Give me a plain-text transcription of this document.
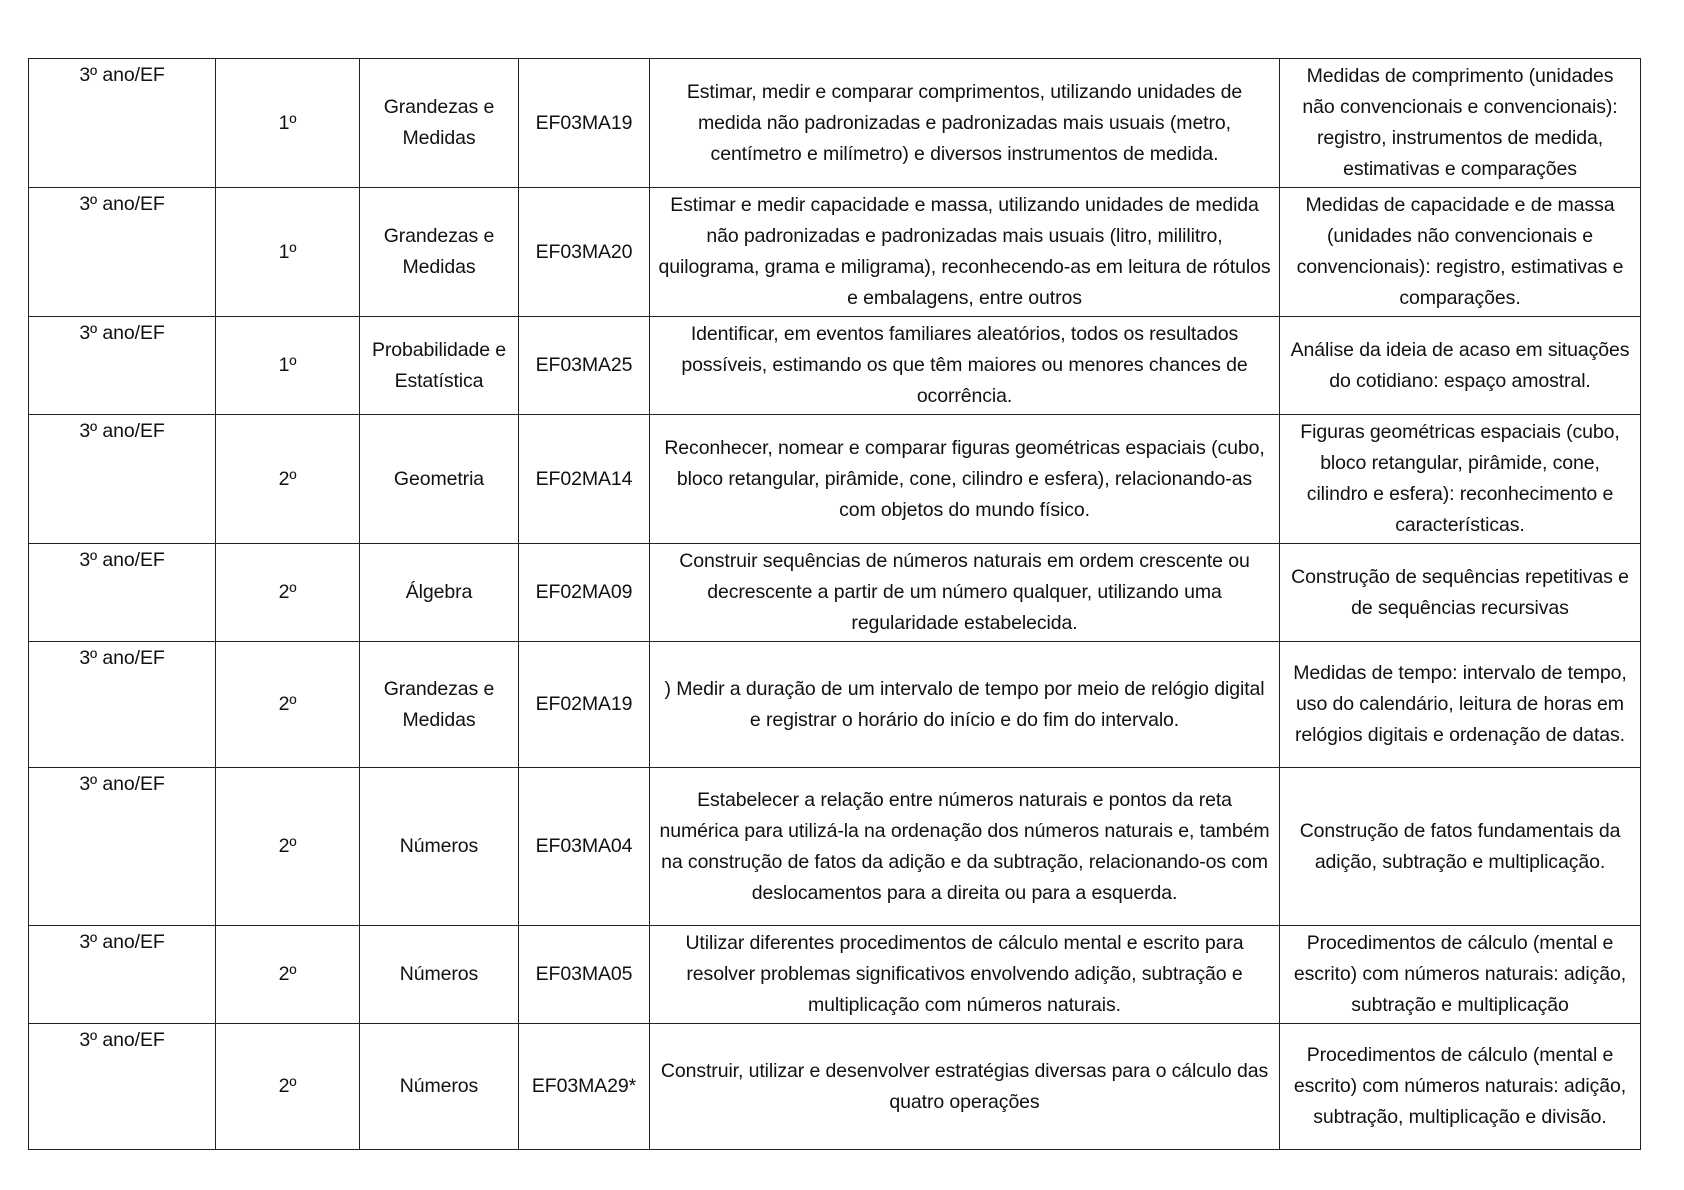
3º ano/EF	1º	Grandezas e Medidas	EF03MA19	Estimar, medir e comparar comprimentos, utilizando unidades de medida não padronizadas e padronizadas mais usuais (metro, centímetro e milímetro) e diversos instrumentos de medida.	Medidas de comprimento (unidades não convencionais e convencionais): registro, instrumentos de medida, estimativas e comparações
3º ano/EF	1º	Grandezas e Medidas	EF03MA20	Estimar e medir capacidade e massa, utilizando unidades de medida não padronizadas e padronizadas mais usuais (litro, mililitro, quilograma, grama e miligrama), reconhecendo-as em leitura de rótulos e embalagens, entre outros	Medidas de capacidade e de massa (unidades não convencionais e convencionais): registro, estimativas e comparações.
3º ano/EF	1º	Probabilidade e Estatística	EF03MA25	Identificar, em eventos familiares aleatórios, todos os resultados possíveis, estimando os que têm maiores ou menores chances de ocorrência.	Análise da ideia de acaso em situações do cotidiano: espaço amostral.
3º ano/EF	2º	Geometria	EF02MA14	Reconhecer, nomear e comparar figuras geométricas espaciais (cubo, bloco retangular, pirâmide, cone, cilindro e esfera), relacionando-as com objetos do mundo físico.	Figuras geométricas espaciais (cubo, bloco retangular, pirâmide, cone, cilindro e esfera): reconhecimento e características.
3º ano/EF	2º	Álgebra	EF02MA09	Construir sequências de números naturais em ordem crescente ou decrescente a partir de um número qualquer, utilizando uma regularidade estabelecida.	Construção de sequências repetitivas e de sequências recursivas
3º ano/EF	2º	Grandezas e Medidas	EF02MA19	) Medir a duração de um intervalo de tempo por meio de relógio digital e registrar o horário do início e do fim do intervalo.	Medidas de tempo: intervalo de tempo, uso do calendário, leitura de horas em relógios digitais e ordenação de datas.
3º ano/EF	2º	Números	EF03MA04	Estabelecer a relação entre números naturais e pontos da reta numérica para utilizá-la na ordenação dos números naturais e, também na construção de fatos da adição e da subtração, relacionando-os com deslocamentos para a direita ou para a esquerda.	Construção de fatos fundamentais da adição, subtração e multiplicação.
3º ano/EF	2º	Números	EF03MA05	Utilizar diferentes procedimentos de cálculo mental e escrito para resolver problemas significativos envolvendo adição, subtração e multiplicação com números naturais.	Procedimentos de cálculo (mental e escrito) com números naturais: adição, subtração e multiplicação
3º ano/EF	2º	Números	EF03MA29*	Construir, utilizar e desenvolver estratégias diversas para o cálculo das quatro operações	Procedimentos de cálculo (mental e escrito) com números naturais: adição, subtração, multiplicação e divisão.
